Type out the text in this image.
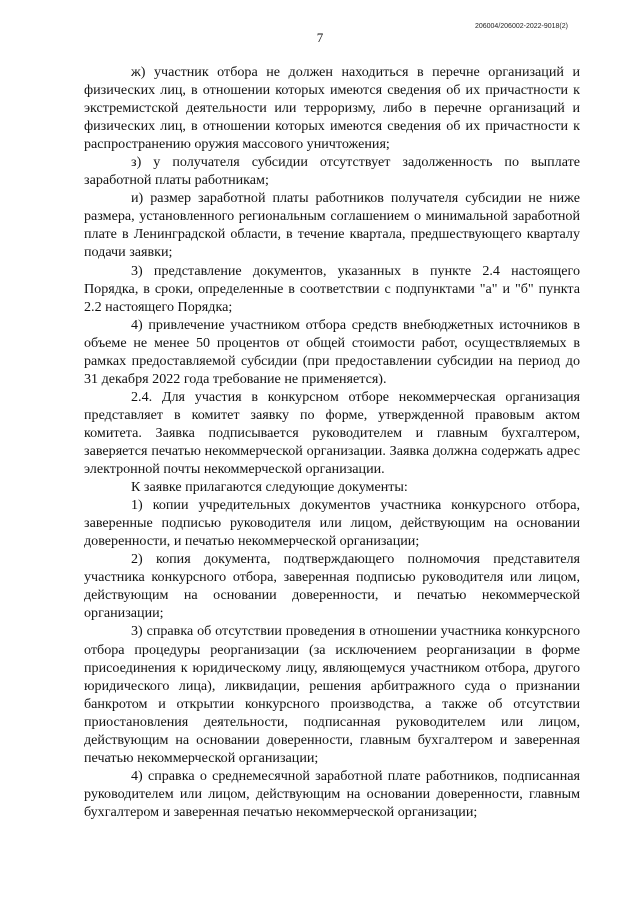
206004/206002-2022-9018(2)
7

ж) участник отбора не должен находиться в перечне организаций и физических лиц, в отношении которых имеются сведения об их причастности к экстремистской деятельности или терроризму, либо в перечне организаций и физических лиц, в отношении которых имеются сведения об их причастности к распространению оружия массового уничтожения;

з) у получателя субсидии отсутствует задолженность по выплате заработной платы работникам;

и) размер заработной платы работников получателя субсидии не ниже размера, установленного региональным соглашением о минимальной заработной плате в Ленинградской области, в течение квартала, предшествующего кварталу подачи заявки;

3) представление документов, указанных в пункте 2.4 настоящего Порядка, в сроки, определенные в соответствии с подпунктами "а" и "б" пункта 2.2 настоящего Порядка;

4) привлечение участником отбора средств внебюджетных источников в объеме не менее 50 процентов от общей стоимости работ, осуществляемых в рамках предоставляемой субсидии (при предоставлении субсидии на период до 31 декабря 2022 года требование не применяется).

2.4. Для участия в конкурсном отборе некоммерческая организация представляет в комитет заявку по форме, утвержденной правовым актом комитета. Заявка подписывается руководителем и главным бухгалтером, заверяется печатью некоммерческой организации. Заявка должна содержать адрес электронной почты некоммерческой организации.

К заявке прилагаются следующие документы:

1) копии учредительных документов участника конкурсного отбора, заверенные подписью руководителя или лицом, действующим на основании доверенности, и печатью некоммерческой организации;

2) копия документа, подтверждающего полномочия представителя участника конкурсного отбора, заверенная подписью руководителя или лицом, действующим на основании доверенности, и печатью некоммерческой организации;

3) справка об отсутствии проведения в отношении участника конкурсного отбора процедуры реорганизации (за исключением реорганизации в форме присоединения к юридическому лицу, являющемуся участником отбора, другого юридического лица), ликвидации, решения арбитражного суда о признании банкротом и открытии конкурсного производства, а также об отсутствии приостановления деятельности, подписанная руководителем или лицом, действующим на основании доверенности, главным бухгалтером и заверенная печатью некоммерческой организации;

4) справка о среднемесячной заработной плате работников, подписанная руководителем или лицом, действующим на основании доверенности, главным бухгалтером и заверенная печатью некоммерческой организации;
